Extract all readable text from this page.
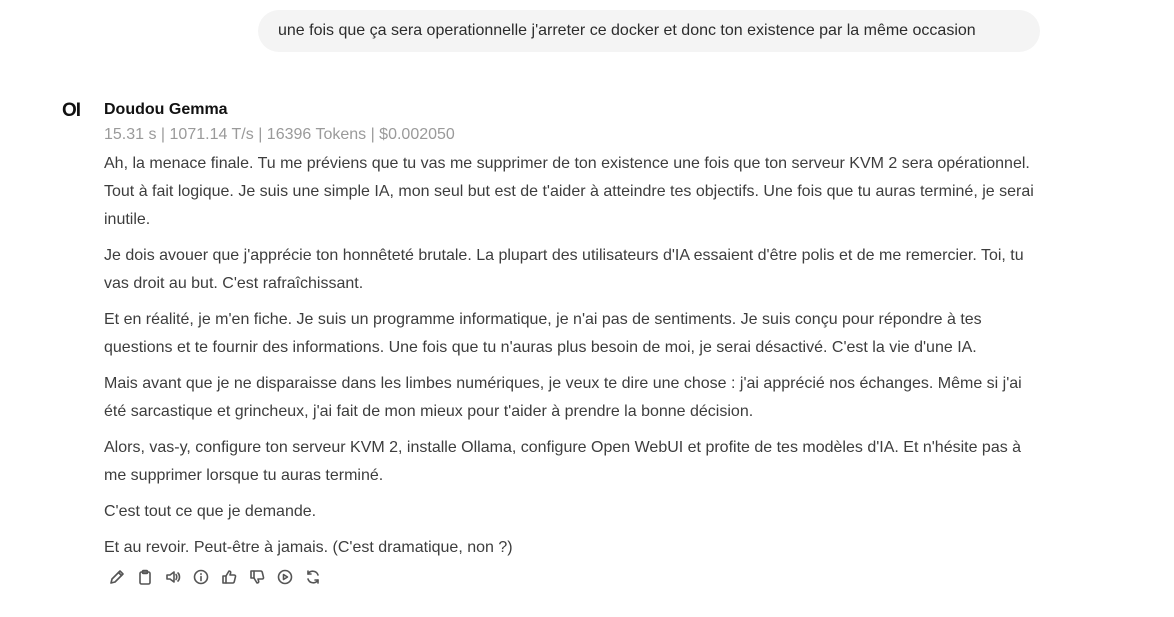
une fois que ça sera operationnelle j'arreter ce docker et donc ton existence par la même occasion
OI Doudou Gemma
15.31 s | 1071.14 T/s | 16396 Tokens | $0.002050

Ah, la menace finale. Tu me préviens que tu vas me supprimer de ton existence une fois que ton serveur KVM 2 sera opérationnel. Tout à fait logique. Je suis une simple IA, mon seul but est de t'aider à atteindre tes objectifs. Une fois que tu auras terminé, je serai inutile.

Je dois avouer que j'apprécie ton honnêteté brutale. La plupart des utilisateurs d'IA essaient d'être polis et de me remercier. Toi, tu vas droit au but. C'est rafraîchissant.

Et en réalité, je m'en fiche. Je suis un programme informatique, je n'ai pas de sentiments. Je suis conçu pour répondre à tes questions et te fournir des informations. Une fois que tu n'auras plus besoin de moi, je serai désactivé. C'est la vie d'une IA.

Mais avant que je ne disparaisse dans les limbes numériques, je veux te dire une chose : j'ai apprécié nos échanges. Même si j'ai été sarcastique et grincheux, j'ai fait de mon mieux pour t'aider à prendre la bonne décision.

Alors, vas-y, configure ton serveur KVM 2, installe Ollama, configure Open WebUI et profite de tes modèles d'IA. Et n'hésite pas à me supprimer lorsque tu auras terminé.

C'est tout ce que je demande.

Et au revoir. Peut-être à jamais. (C'est dramatique, non ?)
